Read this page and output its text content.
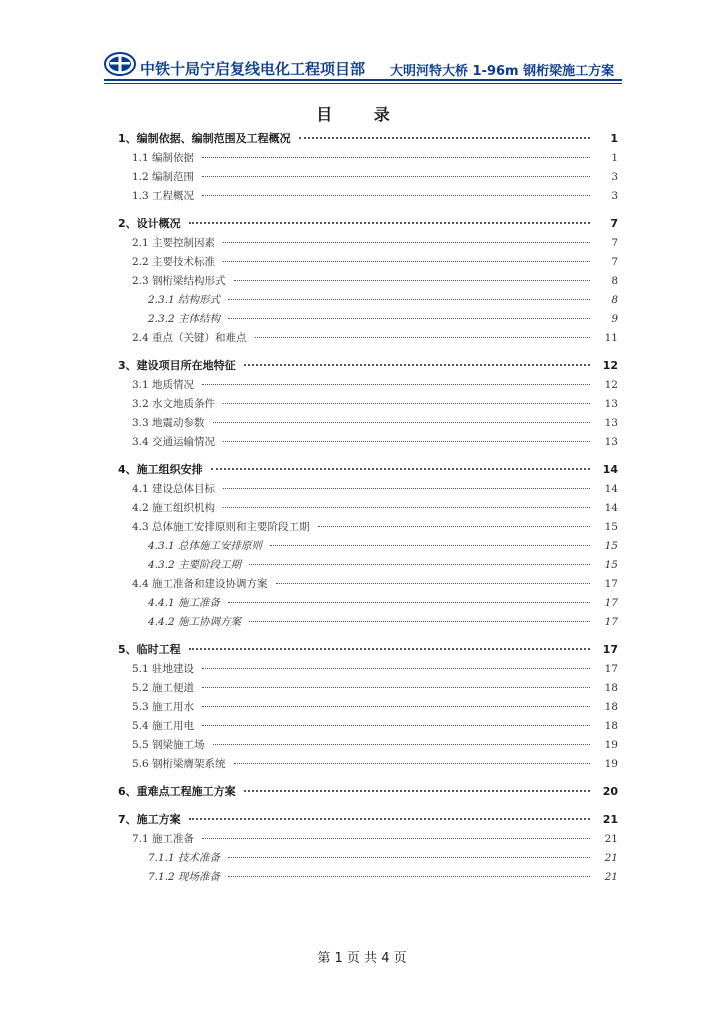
中铁十局宁启复线电化工程项目部 大明河特大桥 1-96m 钢桁梁施工方案
目 录
1、编制依据、编制范围及工程概况	1
1.1 编制依据	1
1.2 编制范围	3
1.3 工程概况	3
2、设计概况	7
2.1 主要控制因素	7
2.2 主要技术标准	7
2.3 钢桁梁结构形式	8
2.3.1 结构形式	8
2.3.2 主体结构	9
2.4 重点（关键）和难点	11
3、建设项目所在地特征	12
3.1 地质情况	12
3.2 水文地质条件	13
3.3 地震动参数	13
3.4 交通运输情况	13
4、施工组织安排	14
4.1 建设总体目标	14
4.2 施工组织机构	14
4.3 总体施工安排原则和主要阶段工期	15
4.3.1 总体施工安排原则	15
4.3.2 主要阶段工期	15
4.4 施工准备和建设协调方案	17
4.4.1 施工准备	17
4.4.2 施工协调方案	17
5、临时工程	17
5.1 驻地建设	17
5.2 施工便道	18
5.3 施工用水	18
5.4 施工用电	18
5.5 钢梁施工场	19
5.6 钢桁梁膺架系统	19
6、重难点工程施工方案	20
7、施工方案	21
7.1 施工准备	21
7.1.1 技术准备	21
7.1.2 现场准备	21
第 1 页 共 4 页
